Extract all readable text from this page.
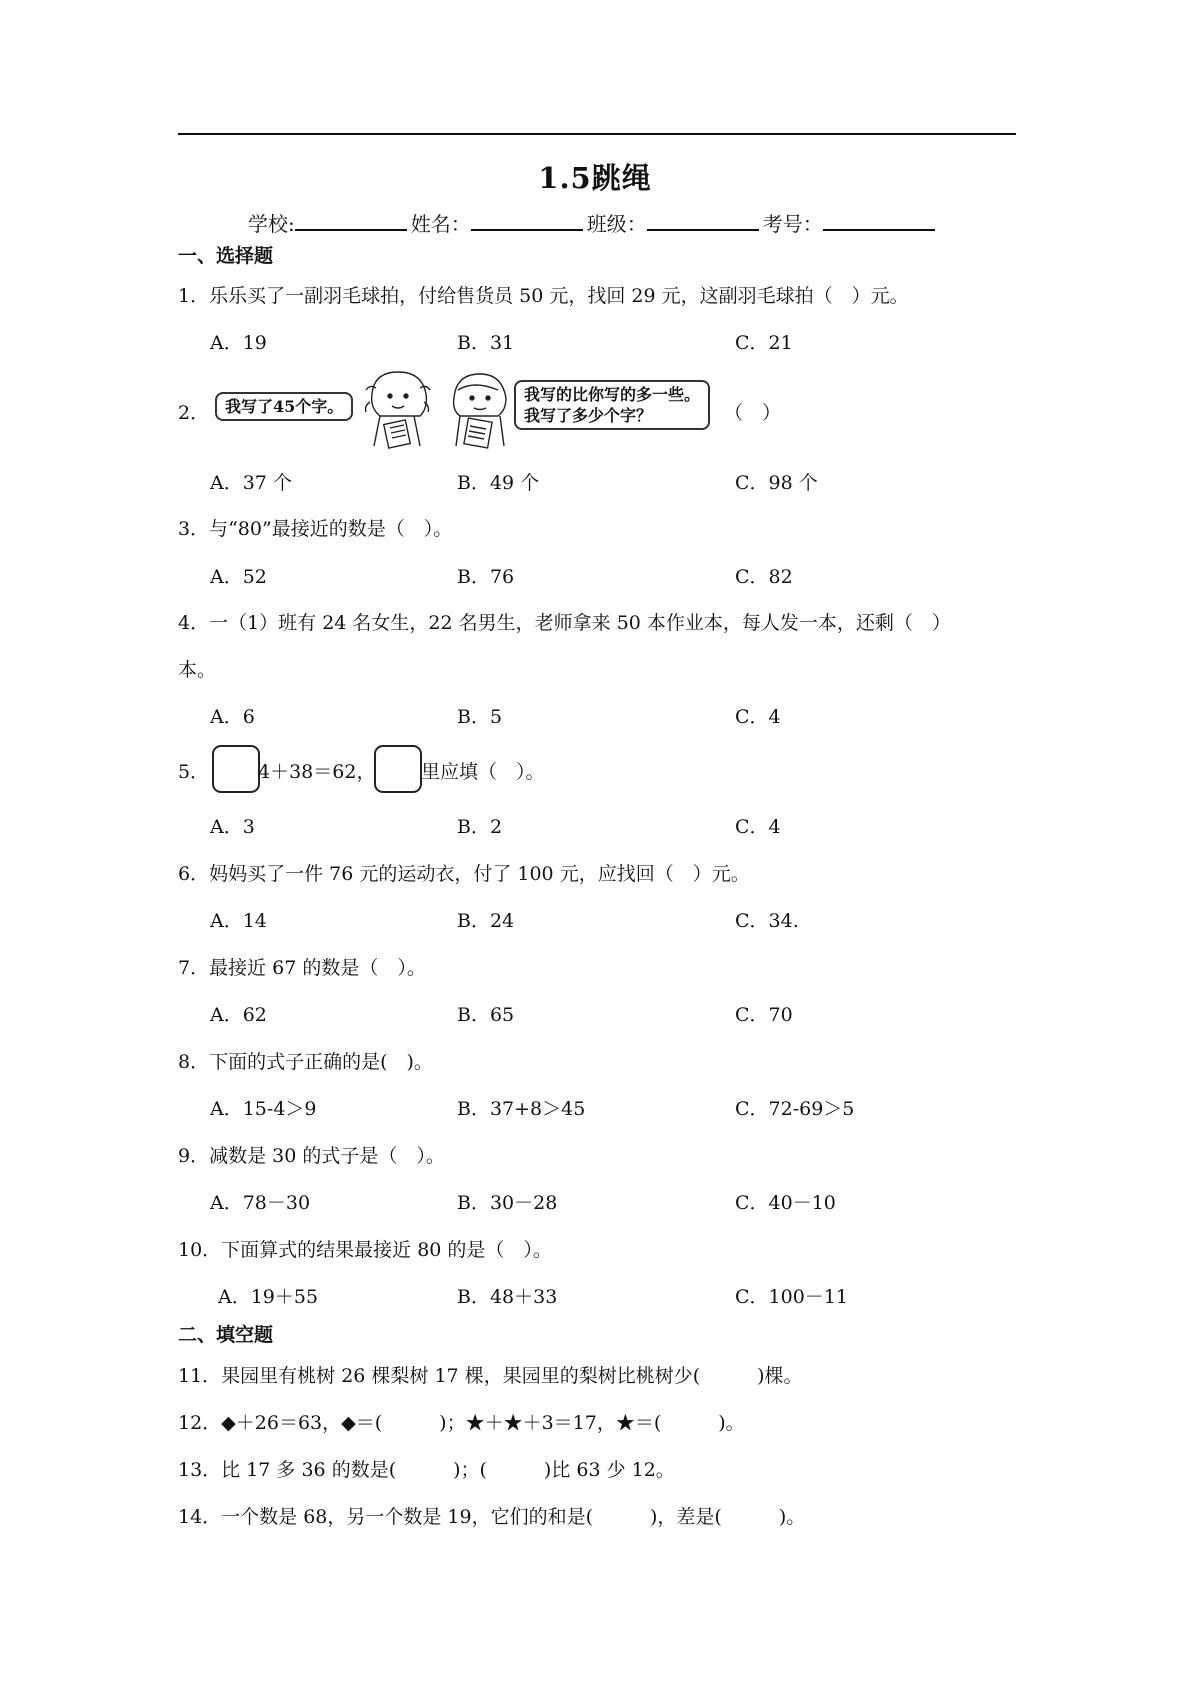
1.5跳绳
学校:	姓名：	班级：	考号：
一、选择题
1．乐乐买了一副羽毛球拍，付给售货员 50 元，找回 29 元，这副羽毛球拍（　）元。
A．19	B．31	C．21
2． 我写了45个字。
我写的比你写的多一些。
我写了多少个字？	（　）
A．37 个	B．49 个	C．98 个
3．与“80”最接近的数是（　）。
A．52	B．76	C．82
4．一（1）班有 24 名女生，22 名男生，老师拿来 50 本作业本，每人发一本，还剩（　）
本。
A．6	B．5	C．4
5．	4＋38＝62， 里应填（　）。
A．3	B．2	C．4
6．妈妈买了一件 76 元的运动衣，付了 100 元，应找回（　）元。
A．14	B．24	C．34.
7．最接近 67 的数是（　）。
A．62	B．65	C．70
8．下面的式子正确的是(　)。
A．15-4＞9	B．37+8＞45	C．72-69＞5
9．减数是 30 的式子是（　）。
A．78－30	B．30－28	C．40－10
10．下面算式的结果最接近 80 的是（　）。
A．19＋55	B．48＋33	C．100－11
二、填空题
11．果园里有桃树 26 棵梨树 17 棵，果园里的梨树比桃树少(　　　)棵。
12．◆＋26＝63，◆＝(　　　)；★＋★＋3＝17，★＝(　　　)。
13．比 17 多 36 的数是(　　　)；(　　　)比 63 少 12。
14．一个数是 68，另一个数是 19，它们的和是(　　　)，差是(　　　)。
